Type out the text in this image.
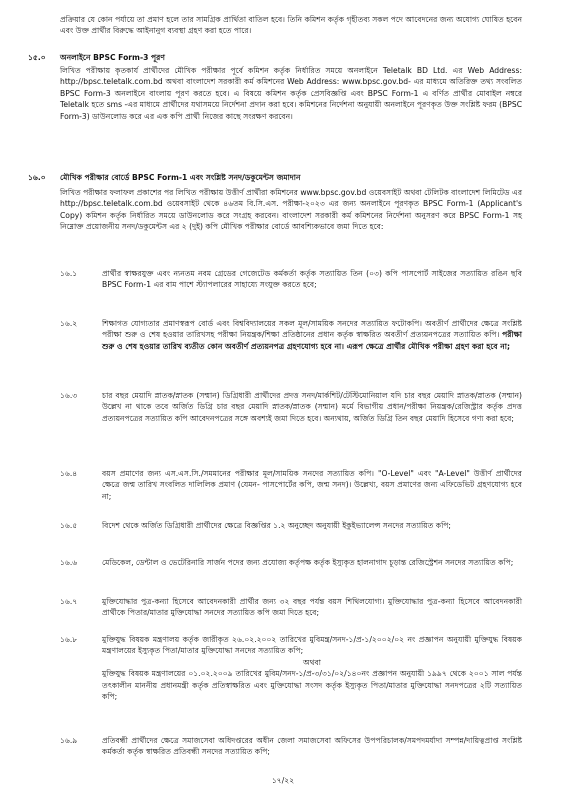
প্রক্রিয়ার যে কোন পর্যায়ে তা প্রমাণ হলে তার সামগ্রিক প্রার্থিতা বাতিল হবে। তিনি কমিশন কর্তৃক গৃহীতব্য সকল পদে আবেদনের জন্য অযোগ্য ঘোষিত হবেন এবং উক্ত প্রার্থীর বিরুদ্ধে আইনানুগ ব্যবস্থা গ্রহণ করা হতে পারে।

১৫.০ অনলাইনে BPSC Form-3 পূরণ

লিখিত পরীক্ষায় কৃতকার্য প্রার্থীদের মৌখিক পরীক্ষার পূর্বে কমিশন কর্তৃক নির্ধারিত সময়ে অনলাইনে Teletalk BD Ltd. এর Web Address: http://bpsc.teletalk.com.bd অথবা বাংলাদেশ সরকারী কর্ম কমিশনের Web Address: www.bpsc.gov.bd- এর মাধ্যমে অতিরিক্ত তথ্য সংবলিত BPSC Form-3 অনলাইনে বাংলায় পূরণ করতে হবে। এ বিষয়ে কমিশন কর্তৃক প্রেসবিজ্ঞপ্তি এবং BPSC Form-1 এ বর্ণিত প্রার্থীর মোবাইল নম্বরে Teletalk হতে sms -এর মাধ্যমে প্রার্থীদের যথাসময়ে নির্দেশনা প্রদান করা হবে। কমিশনের নির্দেশনা অনুযায়ী অনলাইনে পূরণকৃত উক্ত সংশ্লিষ্ট ফরম (BPSC Form-3) ডাউনলোড করে এর এক কপি প্রার্থী নিজের কাছে সংরক্ষণ করবেন।

১৬.০ মৌখিক পরীক্ষার বোর্ডে BPSC Form-1 এবং সংশ্লিষ্ট সনদ/ডকুমেন্টস জমাদান

লিখিত পরীক্ষার ফলাফল প্রকাশের পর লিখিত পরীক্ষায় উত্তীর্ণ প্রার্থীরা কমিশনের www.bpsc.gov.bd ওয়েবসাইট অথবা টেলিটক বাংলাদেশ লিমিটেড এর http://bpsc.teletalk.com.bd ওয়েবসাইট থেকে ৪৬তম বি.সি.এস. পরীক্ষা-২০২৩ এর জন্য অনলাইনে পূরণকৃত BPSC Form-1 (Applicant's Copy) কমিশন কর্তৃক নির্ধারিত সময়ে ডাউনলোড করে সংগ্রহ করবেন। বাংলাদেশ সরকারী কর্ম কমিশনের নির্দেশনা অনুসরণ করে BPSC Form-1 সহ নিম্নোক্ত প্রয়োজনীয় সনদ/ডকুমেন্টস এর ২ (দুই) কপি মৌখিক পরীক্ষার বোর্ডে আবশ্যিকভাবে জমা দিতে হবে:

১৬.১	প্রার্থীর স্বাক্ষরযুক্ত এবং ন্যনতম নবম গ্রেডের গেজেটেড কর্মকর্তা কর্তৃক সত্যায়িত তিন (০৩) কপি পাসপোর্ট সাইজের সত্যায়িত রঙিন ছবি BPSC Form-1 এর বাম পাশে স্ট্যাপলারের সাহায্যে সংযুক্ত করতে হবে;
১৬.২	শিক্ষাগত যোগ্যতার প্রমাণস্বরূপ বোর্ড এবং বিশ্ববিদ্যালয়ের সকল মূল/সাময়িক সনদের সত্যায়িত ফটোকপি। অবতীর্ণ প্রার্থীদের ক্ষেত্রে সংশ্লিষ্ট পরীক্ষা শুরু ও শেষ হওয়ার তারিখসহ পরীক্ষা নিয়ন্ত্রক/শিক্ষা প্রতিষ্ঠানের প্রধান কর্তৃক স্বাক্ষরিত অবতীর্ণ প্রত্যয়নপত্রের সত্যায়িত কপি। পরীক্ষা শুরু ও শেষ হওয়ার তারিখ ব্যতীত কোন অবতীর্ণ প্রত্যয়নপত্র গ্রহণযোগ্য হবে না। এরূপ ক্ষেত্রে প্রার্থীর মৌখিক পরীক্ষা গ্রহণ করা হবে না;
১৬.৩	চার বছর মেয়াদি স্নাতক/স্নাতক (সম্মান) ডিগ্রিধারী প্রার্থীদের প্রদত্ত সনদ/মার্কশিট/টেস্টিমোনিয়াল যদি চার বছর মেয়াদি স্নাতক/স্নাতক (সম্মান) উল্লেখ না থাকে তবে অর্জিত ডিগ্রি চার বছর মেয়াদি স্নাতক/স্নাতক (সম্মান) মর্মে বিভাগীয় প্রধান/পরীক্ষা নিয়ন্ত্রক/রেজিস্ট্রার কর্তৃক প্রদত্ত প্রত্যয়নপত্রের সত্যায়িত কপি আবেদনপত্রের সঙ্গে অবশ্যই জমা দিতে হবে। অন্যথায়, অর্জিত ডিগ্রি তিন বছর মেয়াদি হিসেবে গণ্য করা হবে;
১৬.৪	বয়স প্রমাণের জন্য এস.এস.সি./সমমানের পরীক্ষার মূল/সাময়িক সনদের সত্যায়িত কপি। "O-Level" এবং "A-Level" উত্তীর্ণ প্রার্থীদের ক্ষেত্রে জন্ম তারিখ সংবলিত দালিলিক প্রমাণ (যেমন- পাসপোর্টের কপি, জন্ম সনদ)। উল্লেখ্য, বয়স প্রমাণের জন্য এফিডেভিট গ্রহণযোগ্য হবে না;
১৬.৫	বিদেশ থেকে অর্জিত ডিগ্রিধারী প্রার্থীদের ক্ষেত্রে বিজ্ঞপ্তির ১.২ অনুচ্ছেদ অনুযায়ী ইকুইভ্যালেন্স সনদের সত্যায়িত কপি;
১৬.৬	মেডিকেল, ডেন্টাল ও ভেটেরিনারি সার্জন পদের জন্য প্রযোজ্য কর্তৃপক্ষ কর্তৃক ইস্যুকৃত হালনাগাদ চূড়ান্ত রেজিস্ট্রেশন সনদের সত্যায়িত কপি;
১৬.৭	মুক্তিযোদ্ধার পুত্র-কন্যা হিসেবে আবেদনকারী প্রার্থীর জন্য ৩২ বছর পর্যন্ত বয়স শিথিলযোগ্য। মুক্তিযোদ্ধার পুত্র-কন্যা হিসেবে আবেদনকারী প্রার্থীকে পিতার/মাতার মুক্তিযোদ্ধা সনদের সত্যায়িত কপি জমা দিতে হবে;
১৬.৮	মুক্তিযুদ্ধ বিষয়ক মন্ত্রণালয় কর্তৃক জারীকৃত ২৬.০২.২০০২ তারিখের মুবিমন্ত্র/সনদ-১/প্র-১/২০০২/০২ নং প্রজ্ঞাপন অনুযায়ী মুক্তিযুদ্ধ বিষয়ক মন্ত্রণালয়ের ইস্যুকৃত পিতা/মাতার মুক্তিযোদ্ধা সনদের সত্যায়িত কপি;

অথবা

মুক্তিযুদ্ধ বিষয়ক মন্ত্রণালয়ের ০১.০২.২০০৯ তারিখের মুবিম/সনদ-১/প্র-৩/৩১/০২/১৪০নং প্রজ্ঞাপন অনুযায়ী ১৯৯৭ থেকে ২০০১ সাল পর্যন্ত তৎকালীন মাননীয় প্রধানমন্ত্রী কর্তৃক প্রতিস্বাক্ষরিত এবং মুক্তিযোদ্ধা সংসদ কর্তৃক ইস্যুকৃত পিতা/মাতার মুক্তিযোদ্ধা সনদপত্রের ২টি সত্যায়িত কপি;

১৬.৯	প্রতিবন্ধী প্রার্থীদের ক্ষেত্রে সমাজসেবা অধিদপ্তরের অধীন জেলা সমাজসেবা অফিসের উপপরিচালক/সমপদমর্যাদা সম্পন্ন/দায়িত্বপ্রাপ্ত সংশ্লিষ্ট কর্মকর্তা কর্তৃক স্বাক্ষরিত প্রতিবন্ধী সনদের সত্যায়িত কপি;
১৭/২২
